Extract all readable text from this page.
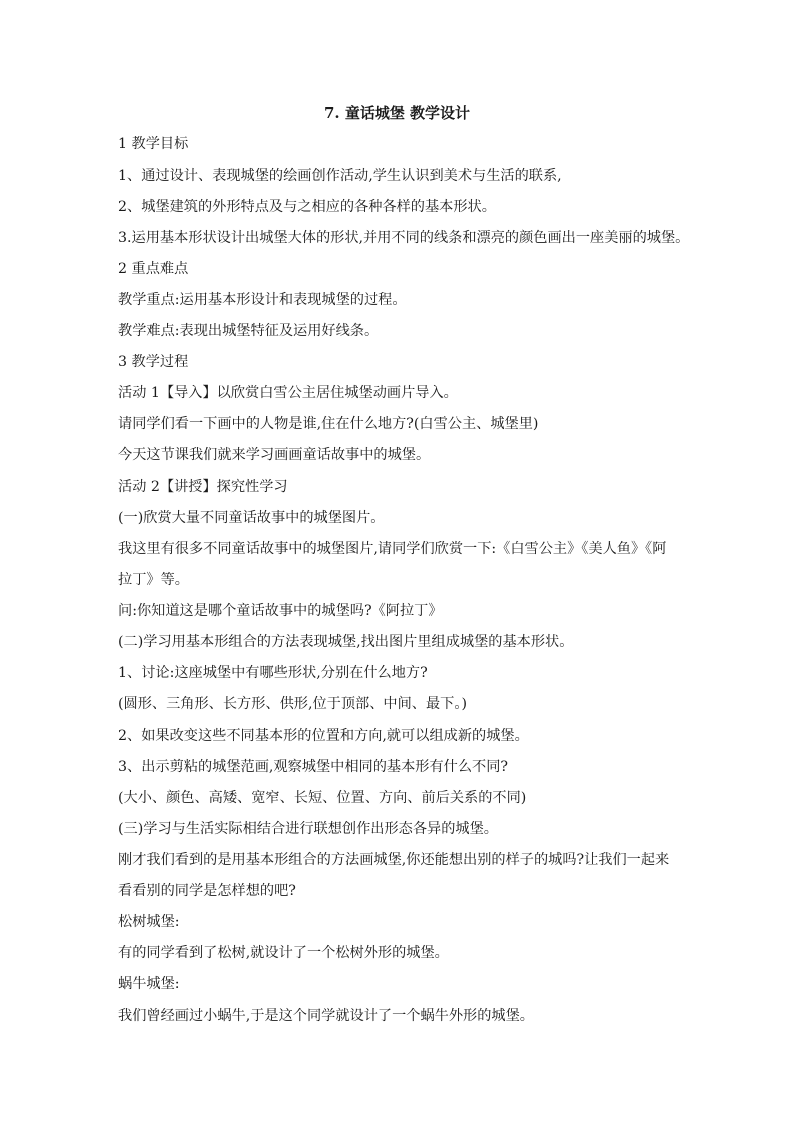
7. 童话城堡 教学设计
1 教学目标
1、通过设计、表现城堡的绘画创作活动,学生认识到美术与生活的联系,
2、城堡建筑的外形特点及与之相应的各种各样的基本形状。
3.运用基本形状设计出城堡大体的形状,并用不同的线条和漂亮的颜色画出一座美丽的城堡。
2 重点难点
教学重点:运用基本形设计和表现城堡的过程。
教学难点:表现出城堡特征及运用好线条。
3 教学过程
活动 1【导入】以欣赏白雪公主居住城堡动画片导入。
请同学们看一下画中的人物是谁,住在什么地方?(白雪公主、城堡里)
今天这节课我们就来学习画画童话故事中的城堡。
活动 2【讲授】探究性学习
(一)欣赏大量不同童话故事中的城堡图片。
我这里有很多不同童话故事中的城堡图片,请同学们欣赏一下:《白雪公主》《美人鱼》《阿
拉丁》等。
问:你知道这是哪个童话故事中的城堡吗?《阿拉丁》
(二)学习用基本形组合的方法表现城堡,找出图片里组成城堡的基本形状。
1、讨论:这座城堡中有哪些形状,分别在什么地方?
(圆形、三角形、长方形、供形,位于顶部、中间、最下。)
2、如果改变这些不同基本形的位置和方向,就可以组成新的城堡。
3、出示剪粘的城堡范画,观察城堡中相同的基本形有什么不同?
(大小、颜色、高矮、宽窄、长短、位置、方向、前后关系的不同)
(三)学习与生活实际相结合进行联想创作出形态各异的城堡。
刚才我们看到的是用基本形组合的方法画城堡,你还能想出别的样子的城吗?让我们一起来
看看别的同学是怎样想的吧?
松树城堡:
有的同学看到了松树,就设计了一个松树外形的城堡。
蜗牛城堡:
我们曾经画过小蜗牛,于是这个同学就设计了一个蜗牛外形的城堡。
